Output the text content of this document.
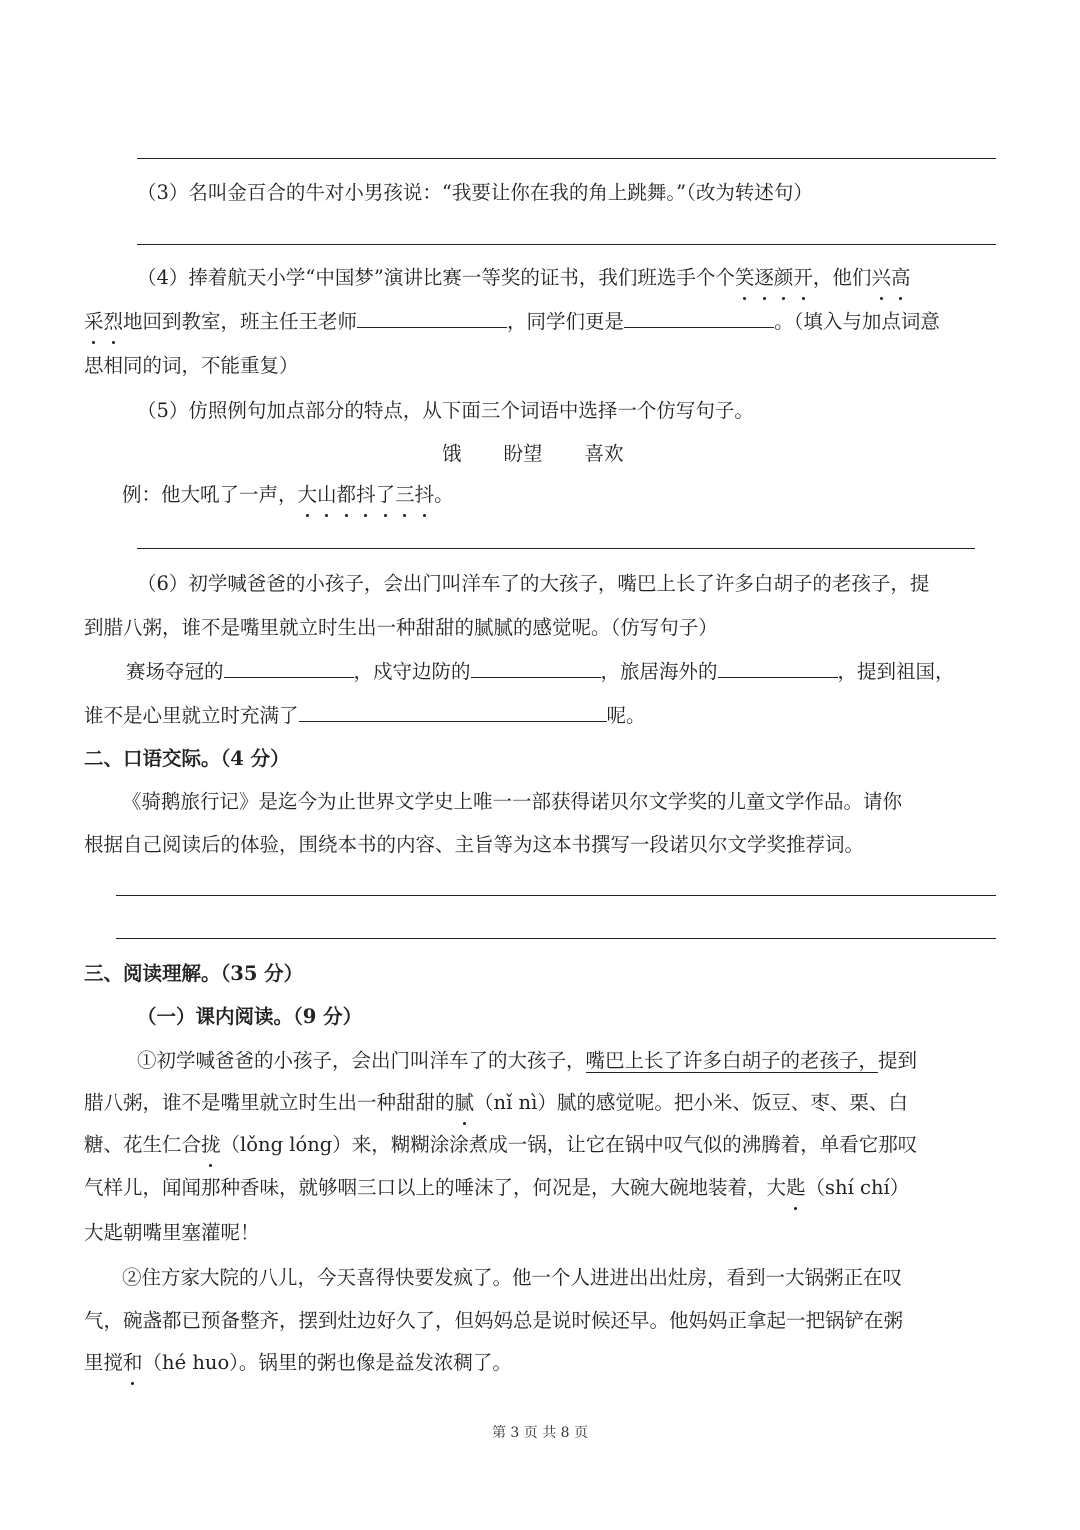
（3）名叫金百合的牛对小男孩说：“我要让你在我的角上跳舞。”（改为转述句）
（4）捧着航天小学“中国梦”演讲比赛一等奖的证书，我们班选手个个笑逐颜开，他们兴高
采烈地回到教室，班主任王老师	，同学们更是	。（填入与加点词意
思相同的词，不能重复）
（5）仿照例句加点部分的特点，从下面三个词语中选择一个仿写句子。
饿 盼望 喜欢
例：他大吼了一声，大山都抖了三抖。
（6）初学喊爸爸的小孩子，会出门叫洋车了的大孩子，嘴巴上长了许多白胡子的老孩子，提
到腊八粥，谁不是嘴里就立时生出一种甜甜的腻腻的感觉呢。（仿写句子）
赛场夺冠的	，戍守边防的	，旅居海外的	，提到祖国，
谁不是心里就立时充满了	呢。
二、口语交际。（4 分）
《骑鹅旅行记》是迄今为止世界文学史上唯一一部获得诺贝尔文学奖的儿童文学作品。请你
根据自己阅读后的体验，围绕本书的内容、主旨等为这本书撰写一段诺贝尔文学奖推荐词。
三、阅读理解。（35 分）
（一）课内阅读。（9 分）
①初学喊爸爸的小孩子，会出门叫洋车了的大孩子，嘴巴上长了许多白胡子的老孩子，提到
腊八粥，谁不是嘴里就立时生出一种甜甜的腻（nǐ nì）腻的感觉呢。把小米、饭豆、枣、栗、白
糖、花生仁合拢（lǒng lóng）来，糊糊涂涂煮成一锅，让它在锅中叹气似的沸腾着，单看它那叹
气样儿，闻闻那种香味，就够咽三口以上的唾沫了，何况是，大碗大碗地装着，大匙（shí chí）
大匙朝嘴里塞灌呢！
②住方家大院的八儿，今天喜得快要发疯了。他一个人进进出出灶房，看到一大锅粥正在叹
气，碗盏都已预备整齐，摆到灶边好久了，但妈妈总是说时候还早。他妈妈正拿起一把锅铲在粥
里搅和（hé huo）。锅里的粥也像是益发浓稠了。
第 3 页 共 8 页
